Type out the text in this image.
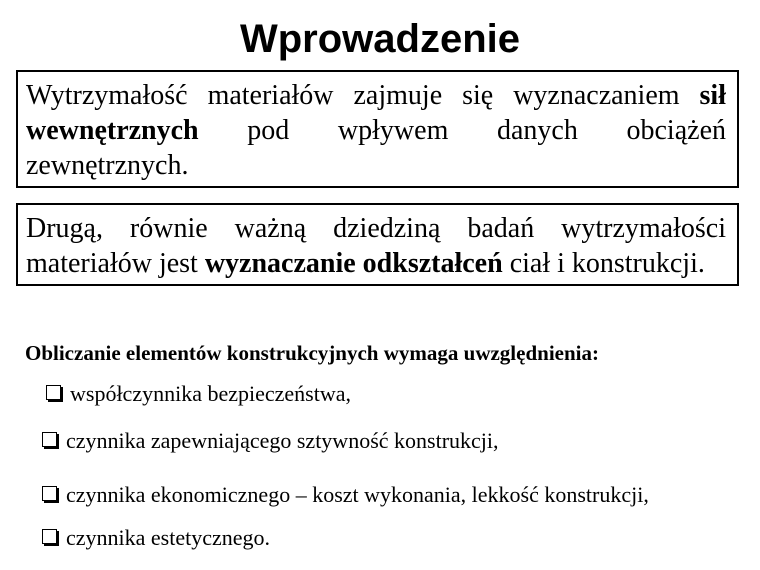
Wprowadzenie
Wytrzymałość materiałów zajmuje się wyznaczaniem sił wewnętrznych pod wpływem danych obciążeń zewnętrznych.
Drugą, równie ważną dziedziną badań wytrzymałości materiałów jest wyznaczanie odkształceń ciał i konstrukcji.

Obliczanie elementów konstrukcyjnych wymaga uwzględnienia:

współczynnika bezpieczeństwa,
czynnika zapewniającego sztywność konstrukcji,
czynnika ekonomicznego – koszt wykonania, lekkość konstrukcji,
czynnika estetycznego.
